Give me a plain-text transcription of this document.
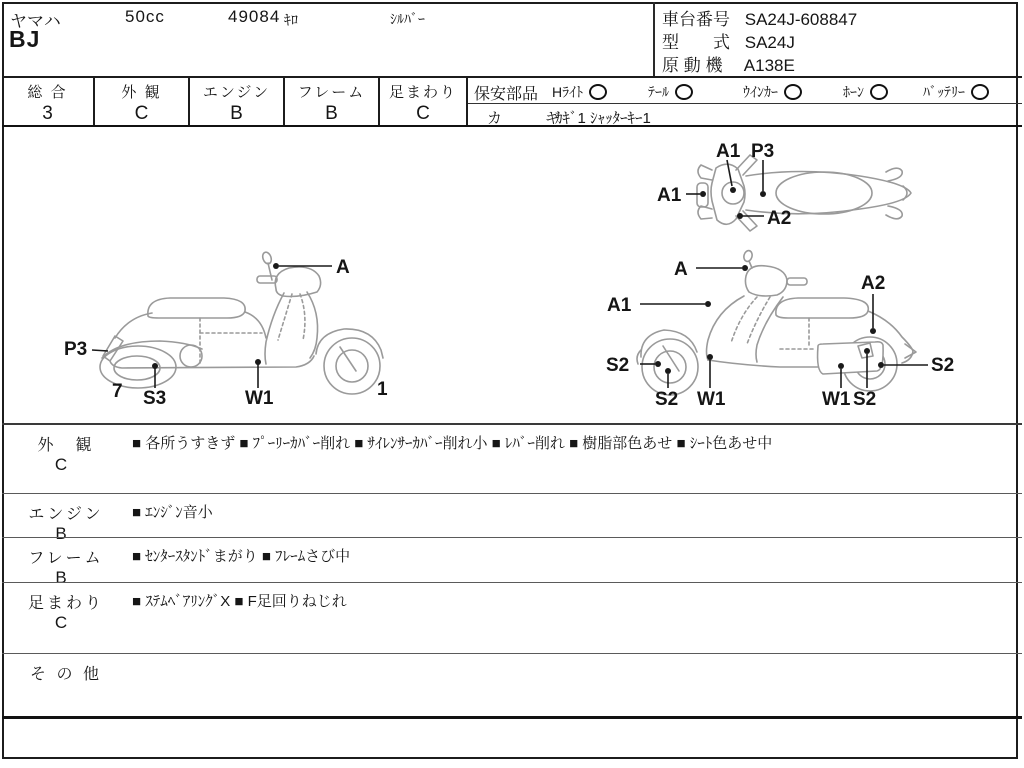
ヤマハ	50cc	49084 ｷﾛ	ｼﾙﾊﾞｰ
BJ
車台番号 SA24J-608847
型　　式 SA24J
原 動 機 A138E
総 合
3
外 観
C
エンジン
B
フレーム
B
足まわり
C
保安部品 Hﾗｲﾄ	ﾃｰﾙ	ｳｲﾝｶｰ	ﾎｰﾝ	ﾊﾞｯﾃﾘｰ
カ　ギ
ｶｷﾞ1 ｼｬｯﾀｰｷｰ1
A1 P3
A1
A2
A
P3
7 S3	W1	1
A
A1
A2
S2
S2 W1	W1 S2
S2
外　観
C
■ 各所うすきず ■ ﾌﾟｰﾘｰｶﾊﾞｰ削れ ■ ｻｲﾚﾝｻｰｶﾊﾞｰ削れ小 ■ ﾚﾊﾞｰ削れ ■ 樹脂部色あせ ■ ｼｰﾄ色あせ中
エンジン
B
■ ｴﾝｼﾞﾝ音小
フレーム
B
■ ｾﾝﾀｰｽﾀﾝﾄﾞまがり ■ ﾌﾚｰﾑさび中
足まわり
C
■ ｽﾃﾑﾍﾞｱﾘﾝｸﾞX ■ F足回りねじれ
そ の 他
